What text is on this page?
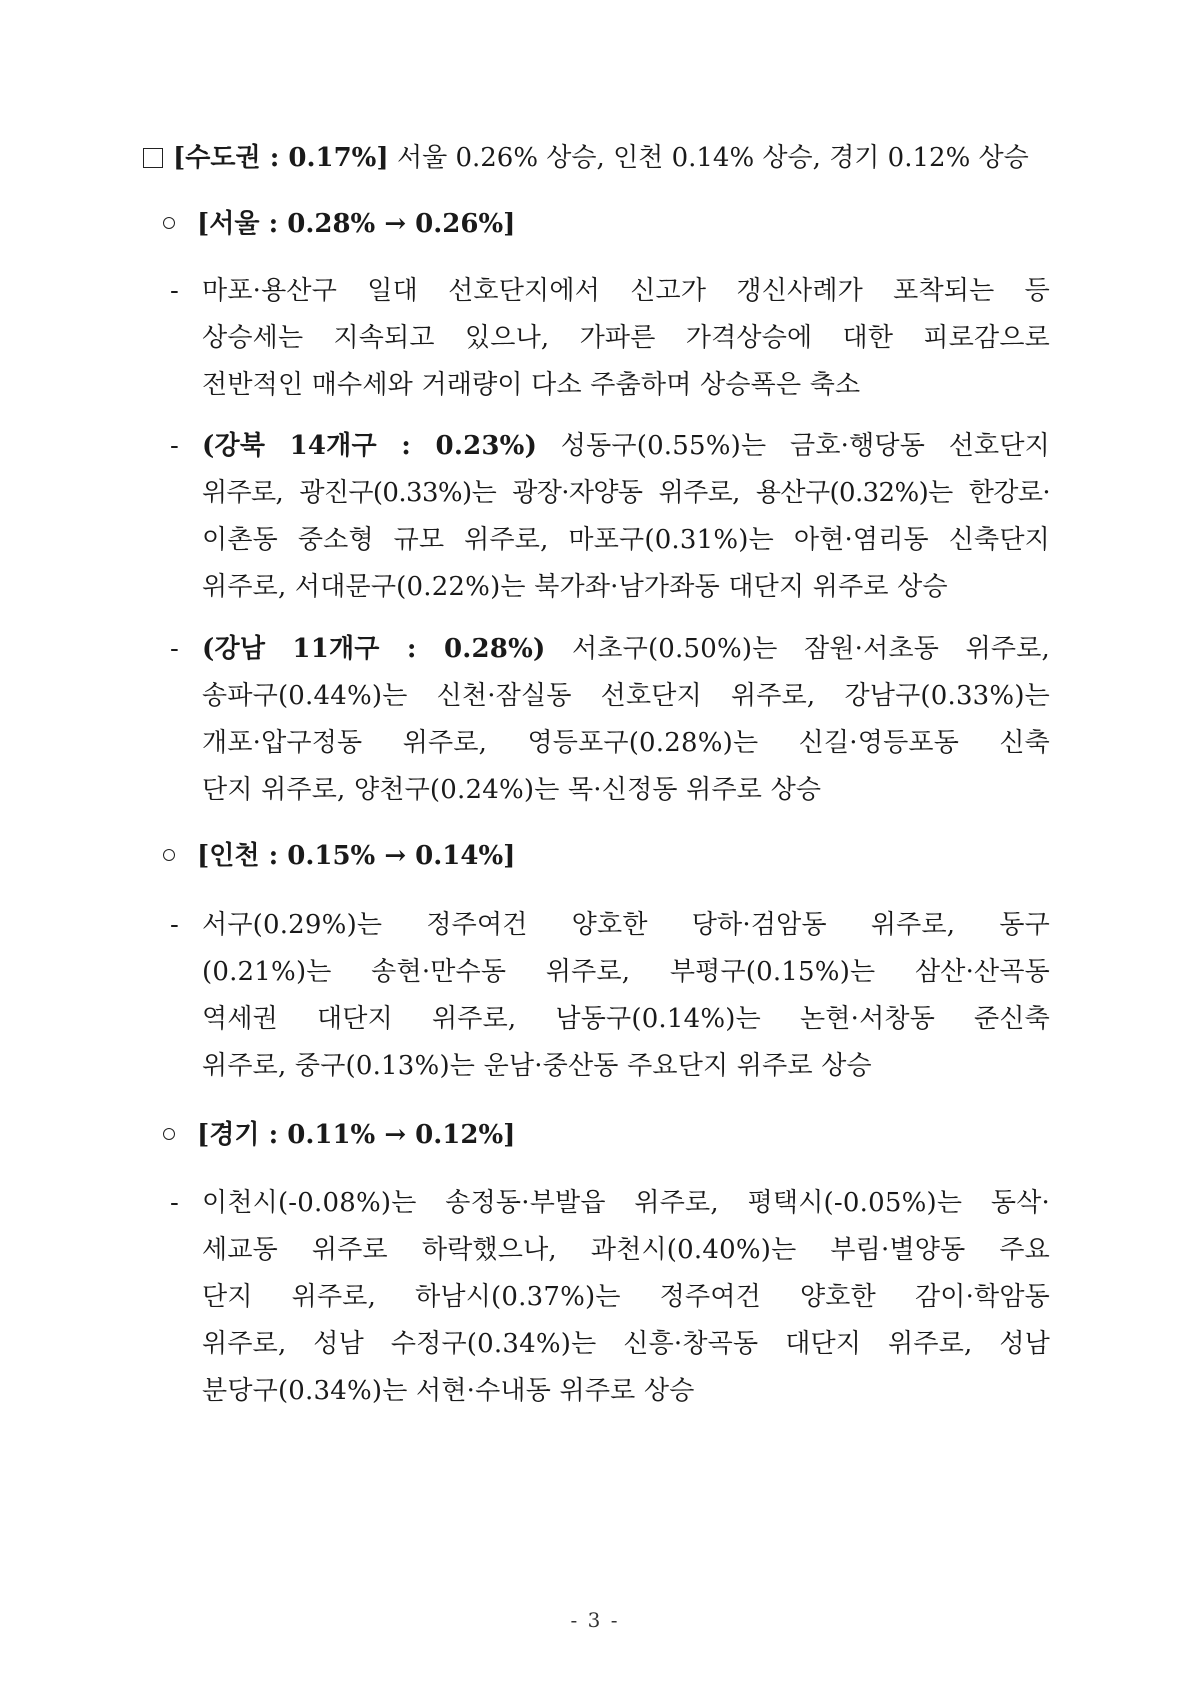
[수도권 : 0.17%] 서울 0.26% 상승, 인천 0.14% 상승, 경기 0.12% 상승
[서울 : 0.28% → 0.26%]
- 마포·용산구 일대 선호단지에서 신고가 갱신사례가 포착되는 등
상승세는 지속되고 있으나, 가파른 가격상승에 대한 피로감으로
전반적인 매수세와 거래량이 다소 주춤하며 상승폭은 축소
- (강북 14개구 : 0.23%) 성동구(0.55%)는 금호·행당동 선호단지
위주로, 광진구(0.33%)는 광장·자양동 위주로, 용산구(0.32%)는 한강로·
이촌동 중소형 규모 위주로, 마포구(0.31%)는 아현·염리동 신축단지
위주로, 서대문구(0.22%)는 북가좌·남가좌동 대단지 위주로 상승
- (강남 11개구 : 0.28%) 서초구(0.50%)는 잠원·서초동 위주로,
송파구(0.44%)는 신천·잠실동 선호단지 위주로, 강남구(0.33%)는
개포·압구정동 위주로, 영등포구(0.28%)는 신길·영등포동 신축
단지 위주로, 양천구(0.24%)는 목·신정동 위주로 상승
[인천 : 0.15% → 0.14%]
- 서구(0.29%)는 정주여건 양호한 당하·검암동 위주로, 동구
(0.21%)는 송현·만수동 위주로, 부평구(0.15%)는 삼산·산곡동
역세권 대단지 위주로, 남동구(0.14%)는 논현·서창동 준신축
위주로, 중구(0.13%)는 운남·중산동 주요단지 위주로 상승
[경기 : 0.11% → 0.12%]
- 이천시(-0.08%)는 송정동·부발읍 위주로, 평택시(-0.05%)는 동삭·
세교동 위주로 하락했으나, 과천시(0.40%)는 부림·별양동 주요
단지 위주로, 하남시(0.37%)는 정주여건 양호한 감이·학암동
위주로, 성남 수정구(0.34%)는 신흥·창곡동 대단지 위주로, 성남
분당구(0.34%)는 서현·수내동 위주로 상승
- 3 -
